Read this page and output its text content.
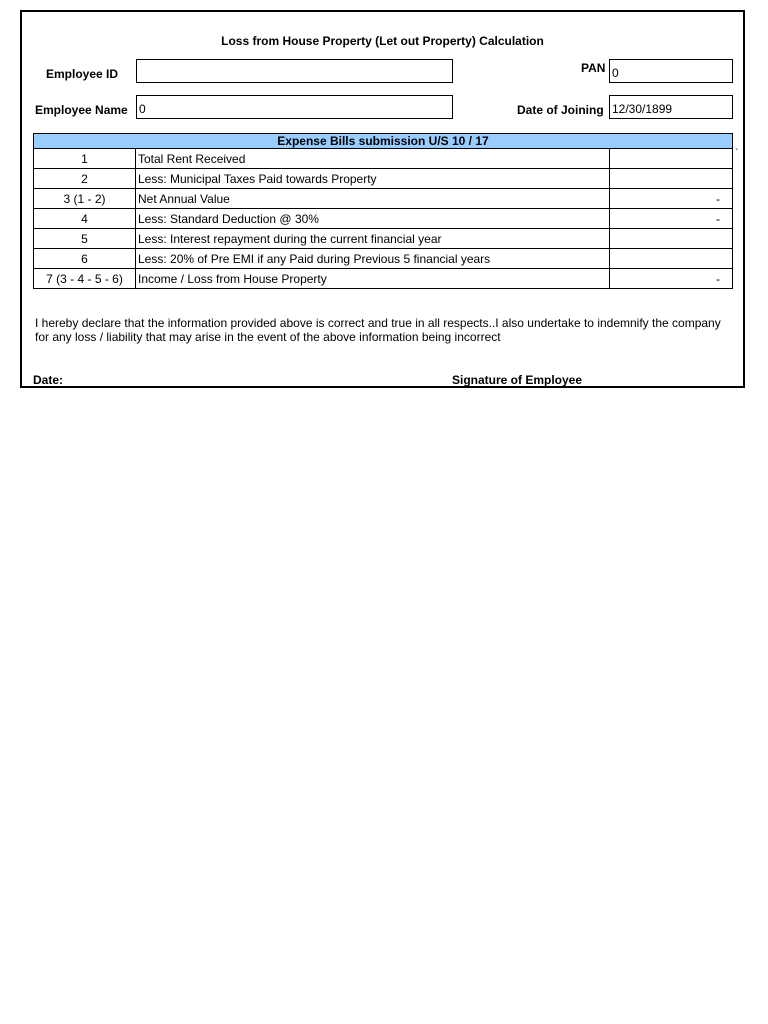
Loss from House Property (Let out Property) Calculation
Employee ID	PAN 0
Employee Name 0	Date of Joining 12/30/1899
Expense Bills submission U/S 10 / 17		
1	Total Rent Received	
2	Less: Municipal Taxes Paid towards Property	
3 (1 - 2)	Net Annual Value	-
4	Less: Standard Deduction @ 30%	-
5	Less: Interest repayment during the current financial year	
6	Less: 20% of Pre EMI if any Paid during Previous 5 financial years	
7 (3 - 4 - 5 - 6)	Income / Loss from House Property	-
`
I hereby declare that the information provided above is correct and true in all respects..I also undertake to indemnify the company for any loss / liability that may arise in the event of the above information being incorrect
Date:	Signature of Employee
